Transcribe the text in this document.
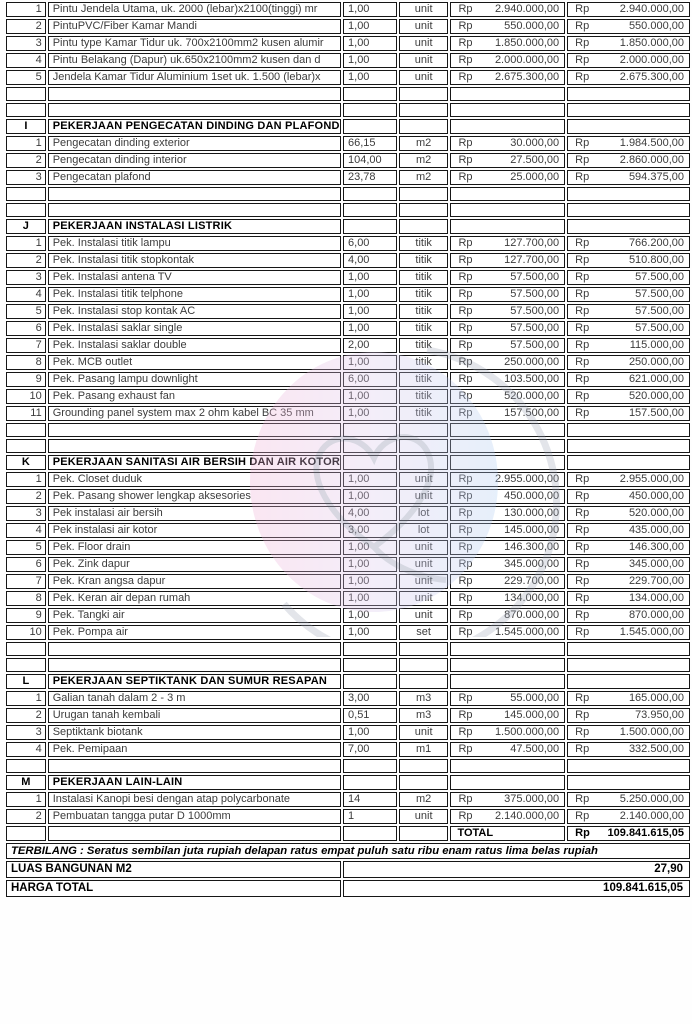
1	Pintu Jendela Utama, uk. 2000 (lebar)x2100(tinggi) mr	1,00	unit	Rp 2.940.000,00	Rp 2.940.000,00

2	PintuPVC/Fiber Kamar Mandi	1,00	unit	Rp 550.000,00	Rp 550.000,00

3	Pintu type Kamar Tidur uk. 700x2100mm2 kusen alumir	1,00	unit	Rp 1.850.000,00	Rp 1.850.000,00

4	Pintu Belakang (Dapur) uk.650x2100mm2 kusen dan d	1,00	unit	Rp 2.000.000,00	Rp 2.000.000,00

5	Jendela Kamar Tidur Aluminium 1set uk. 1.500 (lebar)x	1,00	unit	Rp 2.675.300,00	Rp 2.675.300,00

I	PEKERJAAN PENGECATAN DINDING DAN PLAFOND				
1	Pengecatan dinding exterior	66,15	m2	Rp 30.000,00	Rp 1.984.500,00

2	Pengecatan dinding interior	104,00	m2	Rp 27.500,00	Rp 2.860.000,00

3	Pengecatan plafond	23,78	m2	Rp 25.000,00	Rp 594.375,00

J	PEKERJAAN INSTALASI LISTRIK				
1	Pek. Instalasi titik lampu	6,00	titik	Rp 127.700,00	Rp 766.200,00

2	Pek. Instalasi titik stopkontak	4,00	titik	Rp 127.700,00	Rp 510.800,00

3	Pek. Instalasi antena TV	1,00	titik	Rp 57.500,00	Rp 57.500,00

4	Pek. Instalasi titik telphone	1,00	titik	Rp 57.500,00	Rp 57.500,00

5	Pek. Instalasi stop kontak AC	1,00	titik	Rp 57.500,00	Rp 57.500,00

6	Pek. Instalasi saklar single	1,00	titik	Rp 57.500,00	Rp 57.500,00

7	Pek. Instalasi saklar double	2,00	titik	Rp 57.500,00	Rp 115.000,00

8	Pek. MCB outlet	1,00	titik	Rp 250.000,00	Rp 250.000,00

9	Pek. Pasang lampu downlight	6,00	titik	Rp 103.500,00	Rp 621.000,00

10	Pek. Pasang exhaust fan	1,00	titik	Rp 520.000,00	Rp 520.000,00

11	Grounding panel system max 2 ohm kabel BC 35 mm	1,00	titik	Rp 157.500,00	Rp 157.500,00

K	PEKERJAAN SANITASI AIR BERSIH DAN AIR KOTOR				
1	Pek. Closet duduk	1,00	unit	Rp 2.955.000,00	Rp 2.955.000,00

2	Pek. Pasang shower lengkap aksesories	1,00	unit	Rp 450.000,00	Rp 450.000,00

3	Pek instalasi air bersih	4,00	lot	Rp 130.000,00	Rp 520.000,00

4	Pek instalasi air kotor	3,00	lot	Rp 145.000,00	Rp 435.000,00

5	Pek. Floor drain	1,00	unit	Rp 146.300,00	Rp 146.300,00

6	Pek. Zink dapur	1,00	unit	Rp 345.000,00	Rp 345.000,00

7	Pek. Kran angsa dapur	1,00	unit	Rp 229.700,00	Rp 229.700,00

8	Pek. Keran air depan rumah	1,00	unit	Rp 134.000,00	Rp 134.000,00

9	Pek. Tangki air	1,00	unit	Rp 870.000,00	Rp 870.000,00

10	Pek. Pompa air	1,00	set	Rp 1.545.000,00	Rp 1.545.000,00

L	PEKERJAAN SEPTIKTANK DAN SUMUR RESAPAN				
1	Galian tanah dalam 2 - 3 m	3,00	m3	Rp 55.000,00	Rp 165.000,00

2	Urugan tanah kembali	0,51	m3	Rp 145.000,00	Rp 73.950,00

3	Septiktank biotank	1,00	unit	Rp 1.500.000,00	Rp 1.500.000,00

4	Pek. Pemipaan	7,00	m1	Rp 47.500,00	Rp 332.500,00

M	PEKERJAAN LAIN-LAIN				
1	Instalasi Kanopi besi dengan atap polycarbonate	14	m2	Rp 375.000,00	Rp 5.250.000,00

2	Pembuatan tangga putar D 1000mm	1	unit	Rp 2.140.000,00	Rp 2.140.000,00

				TOTAL	Rp 109.841.615,05

TERBILANG : Seratus sembilan juta rupiah delapan ratus empat puluh satu ribu enam ratus lima belas rupiah					
LUAS BANGUNAN M2		27,90			
HARGA TOTAL		109.841.615,05			
